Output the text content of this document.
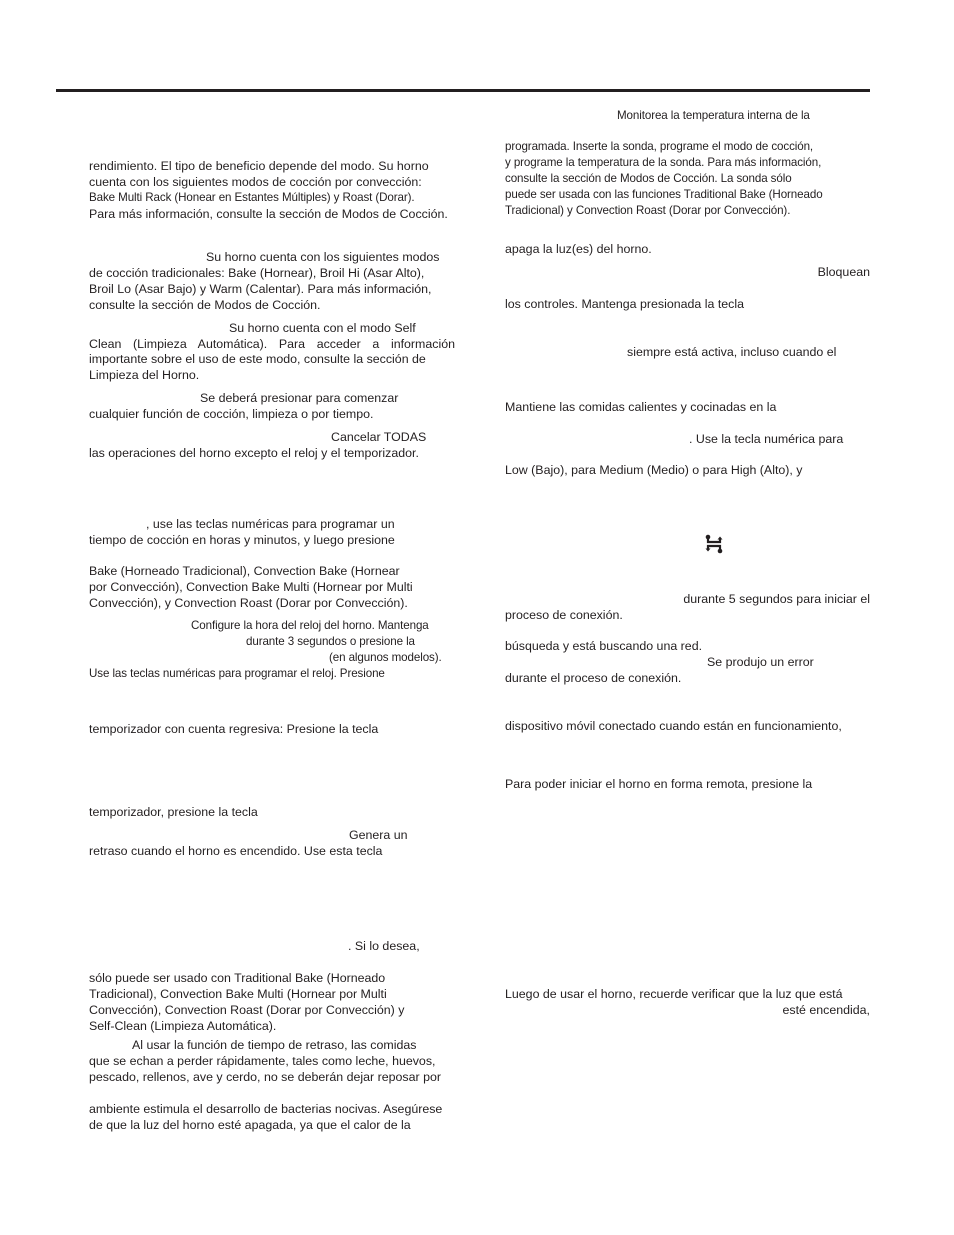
rendimiento. El tipo de beneficio depende del modo. Su horno
cuenta con los siguientes modos de cocción por convección:
Bake Multi Rack (Honear en Estantes Múltiples) y Roast (Dorar).
Para más información, consulte la sección de Modos de Cocción.
Su horno cuenta con los siguientes modos
de cocción tradicionales: Bake (Hornear), Broil Hi (Asar Alto),
Broil Lo (Asar Bajo) y Warm (Calentar). Para más información,
consulte la sección de Modos de Cocción.
Su horno cuenta con el modo Self
Clean (Limpieza Automática). Para acceder a información
importante sobre el uso de este modo, consulte la sección de
Limpieza del Horno.
Se deberá presionar para comenzar
cualquier función de cocción, limpieza o por tiempo.
Cancelar TODAS
las operaciones del horno excepto el reloj y el temporizador.
, use las teclas numéricas para programar un
tiempo de cocción en horas y minutos, y luego presione
Bake (Horneado Tradicional), Convection Bake (Hornear
por Convección), Convection Bake Multi (Hornear por Multi
Convección), y Convection Roast (Dorar por Convección).
Configure la hora del reloj del horno. Mantenga
durante 3 segundos o presione la
(en algunos modelos).
Use las teclas numéricas para programar el reloj. Presione
temporizador con cuenta regresiva: Presione la tecla
temporizador, presione la tecla
Genera un
retraso cuando el horno es encendido. Use esta tecla
. Si lo desea,
sólo puede ser usado con Traditional Bake (Horneado
Tradicional), Convection Bake Multi (Hornear por Multi
Convección), Convection Roast (Dorar por Convección) y
Self-Clean (Limpieza Automática).
Al usar la función de tiempo de retraso, las comidas
que se echan a perder rápidamente, tales como leche, huevos,
pescado, rellenos, ave y cerdo, no se deberán dejar reposar por
ambiente estimula el desarrollo de bacterias nocivas. Asegúrese
de que la luz del horno esté apagada, ya que el calor de la
Monitorea la temperatura interna de la
programada. Inserte la sonda, programe el modo de cocción,
y programe la temperatura de la sonda. Para más información,
consulte la sección de Modos de Cocción. La sonda sólo
puede ser usada con las funciones Traditional Bake (Horneado
Tradicional) y Convection Roast (Dorar por Convección).
apaga la luz(es) del horno.
Bloquean
los controles. Mantenga presionada la tecla
siempre está activa, incluso cuando el
Mantiene las comidas calientes y cocinadas en la
. Use la tecla numérica para
Low (Bajo), para Medium (Medio) o para High (Alto), y
durante 5 segundos para iniciar el
proceso de conexión.
búsqueda y está buscando una red.
Se produjo un error
durante el proceso de conexión.
dispositivo móvil conectado cuando están en funcionamiento,
Para poder iniciar el horno en forma remota, presione la
Luego de usar el horno, recuerde verificar que la luz que está
esté encendida,
